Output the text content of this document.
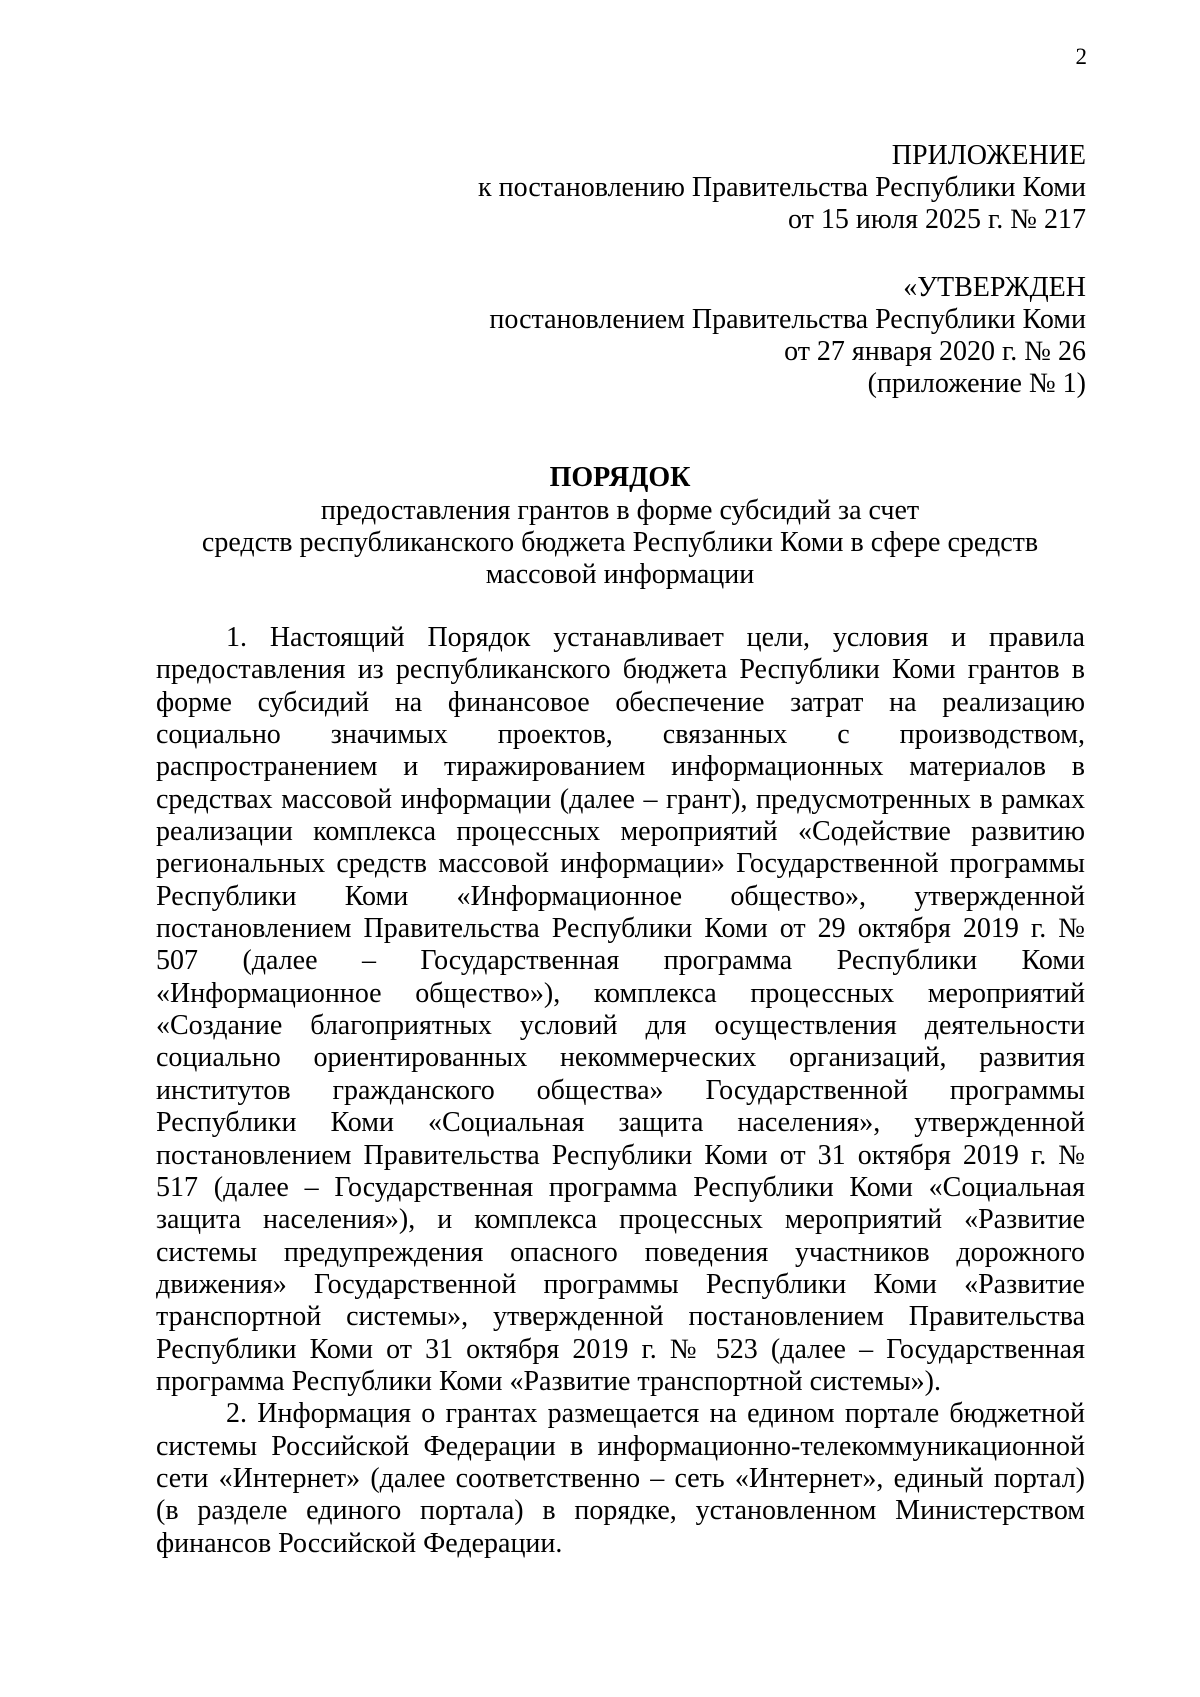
2
ПРИЛОЖЕНИЕ
к постановлению Правительства Республики Коми
от 15 июля 2025 г. № 217
«УТВЕРЖДЕН
постановлением Правительства Республики Коми
от 27 января 2020 г. № 26
(приложение № 1)
ПОРЯДОК
предоставления грантов в форме субсидий за счет
средств республиканского бюджета Республики Коми в сфере средств
массовой информации
1. Настоящий Порядок устанавливает цели, условия и правила
предоставления из республиканского бюджета Республики Коми грантов в
форме субсидий на финансовое обеспечение затрат на реализацию
социально значимых проектов, связанных с производством,
распространением и тиражированием информационных материалов в
средствах массовой информации (далее – грант), предусмотренных в рамках
реализации комплекса процессных мероприятий «Содействие развитию
региональных средств массовой информации» Государственной программы
Республики Коми «Информационное общество», утвержденной
постановлением Правительства Республики Коми от 29 октября 2019 г. №
507 (далее – Государственная программа Республики Коми
«Информационное общество»), комплекса процессных мероприятий
«Создание благоприятных условий для осуществления деятельности
социально ориентированных некоммерческих организаций, развития
институтов гражданского общества» Государственной программы
Республики Коми «Социальная защита населения», утвержденной
постановлением Правительства Республики Коми от 31 октября 2019 г. №
517 (далее – Государственная программа Республики Коми «Социальная
защита населения»), и комплекса процессных мероприятий «Развитие
системы предупреждения опасного поведения участников дорожного
движения» Государственной программы Республики Коми «Развитие
транспортной системы», утвержденной постановлением Правительства
Республики Коми от 31 октября 2019 г. № 523 (далее – Государственная
программа Республики Коми «Развитие транспортной системы»).
2. Информация о грантах размещается на едином портале бюджетной
системы Российской Федерации в информационно-телекоммуникационной
сети «Интернет» (далее соответственно – сеть «Интернет», единый портал)
(в разделе единого портала) в порядке, установленном Министерством
финансов Российской Федерации.
